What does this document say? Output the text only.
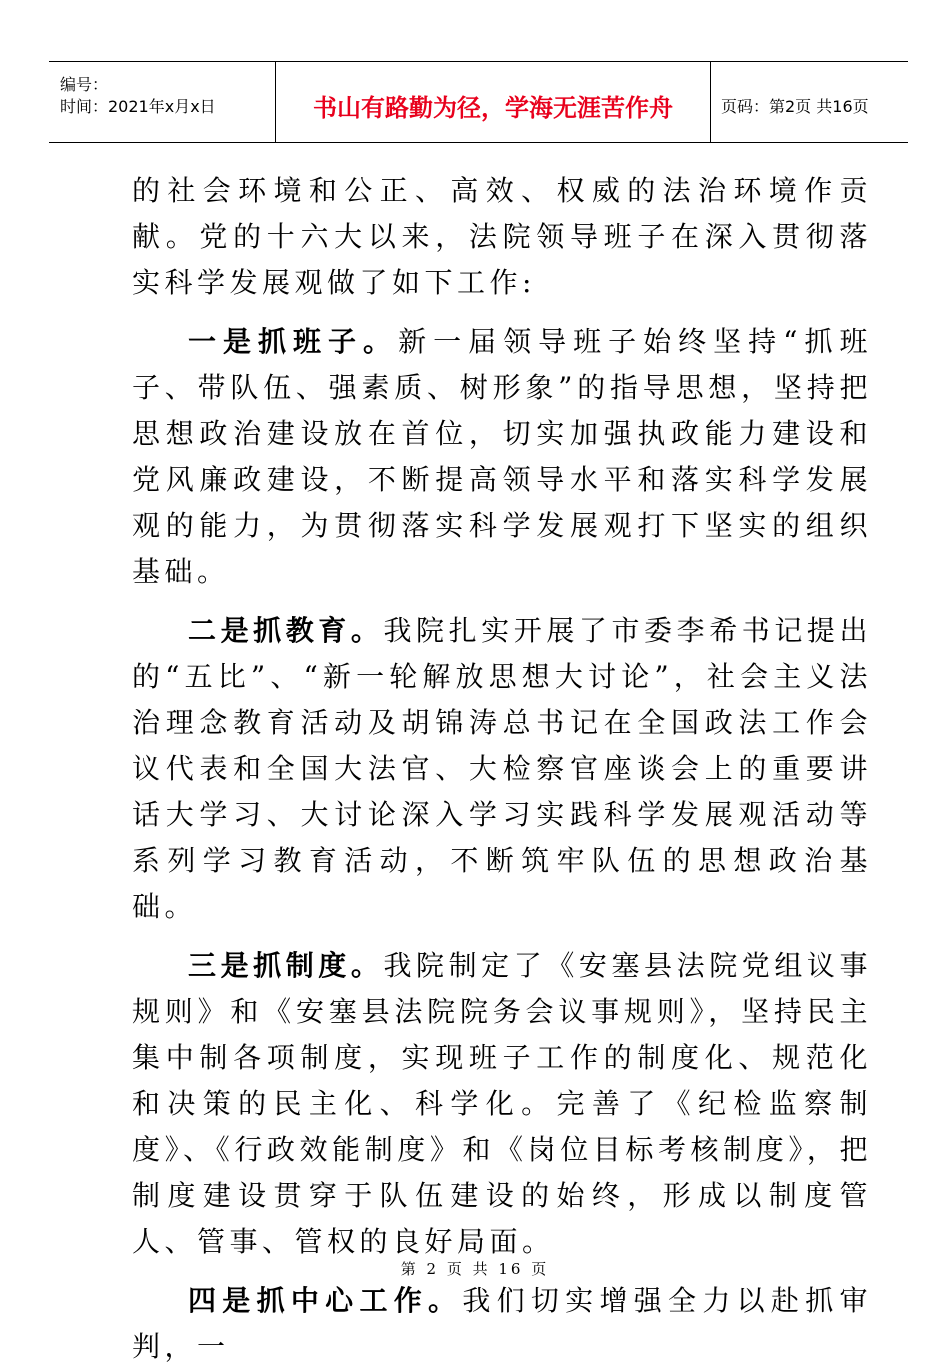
编号：
时间：2021年x月x日	书山有路勤为径，学海无涯苦作舟	页码：第2页 共16页

的社会环境和公正、高效、权威的法治环境作贡献。党的十六大以来，法院领导班子在深入贯彻落实科学发展观做了如下工作:

一是抓班子。新一届领导班子始终坚持“抓班子、带队伍、强素质、树形象”的指导思想，坚持把思想政治建设放在首位，切实加强执政能力建设和党风廉政建设，不断提高领导水平和落实科学发展观的能力，为贯彻落实科学发展观打下坚实的组织基础。

二是抓教育。我院扎实开展了市委李希书记提出的“五比”、“新一轮解放思想大讨论”，社会主义法治理念教育活动及胡锦涛总书记在全国政法工作会议代表和全国大法官、大检察官座谈会上的重要讲话大学习、大讨论深入学习实践科学发展观活动等系列学习教育活动，不断筑牢队伍的思想政治基础。

三是抓制度。我院制定了《安塞县法院党组议事规则》和《安塞县法院院务会议事规则》，坚持民主集中制各项制度，实现班子工作的制度化、规范化和决策的民主化、科学化。完善了《纪检监察制度》、《行政效能制度》和《岗位目标考核制度》，把制度建设贯穿于队伍建设的始终，形成以制度管人、管事、管权的良好局面。

四是抓中心工作。我们切实增强全力以赴抓审判，一

第 2 页 共 16 页
